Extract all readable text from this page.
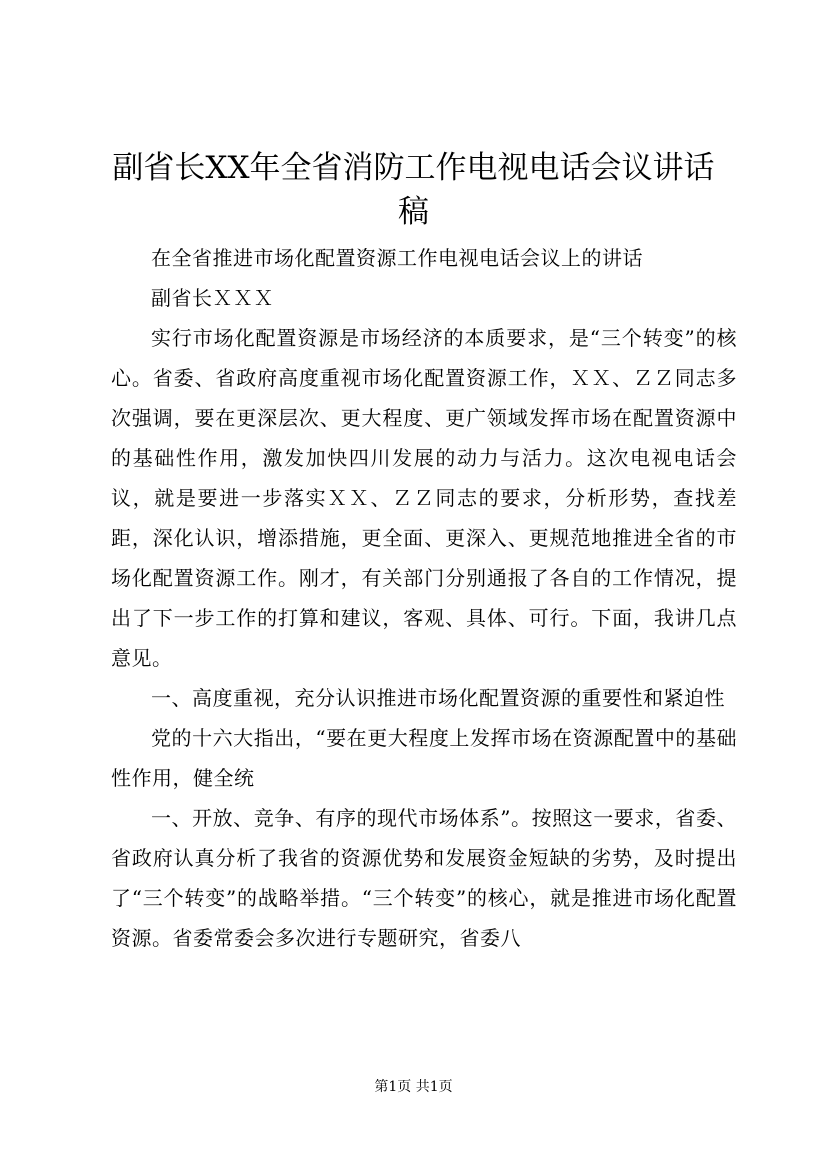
副省长XX年全省消防工作电视电话会议讲话稿

在全省推进市场化配置资源工作电视电话会议上的讲话

副省长ＸＸＸ

实行市场化配置资源是市场经济的本质要求，是“三个转变”的核心。省委、省政府高度重视市场化配置资源工作，ＸＸ、ＺＺ同志多次强调，要在更深层次、更大程度、更广领域发挥市场在配置资源中的基础性作用，激发加快四川发展的动力与活力。这次电视电话会议，就是要进一步落实ＸＸ、ＺＺ同志的要求，分析形势，查找差距，深化认识，增添措施，更全面、更深入、更规范地推进全省的市场化配置资源工作。刚才，有关部门分别通报了各自的工作情况，提出了下一步工作的打算和建议，客观、具体、可行。下面，我讲几点意见。

一、高度重视，充分认识推进市场化配置资源的重要性和紧迫性

党的十六大指出，“要在更大程度上发挥市场在资源配置中的基础性作用，健全统

一、开放、竞争、有序的现代市场体系”。按照这一要求，省委、省政府认真分析了我省的资源优势和发展资金短缺的劣势，及时提出了“三个转变”的战略举措。“三个转变”的核心，就是推进市场化配置资源。省委常委会多次进行专题研究，省委八

第1页 共1页
